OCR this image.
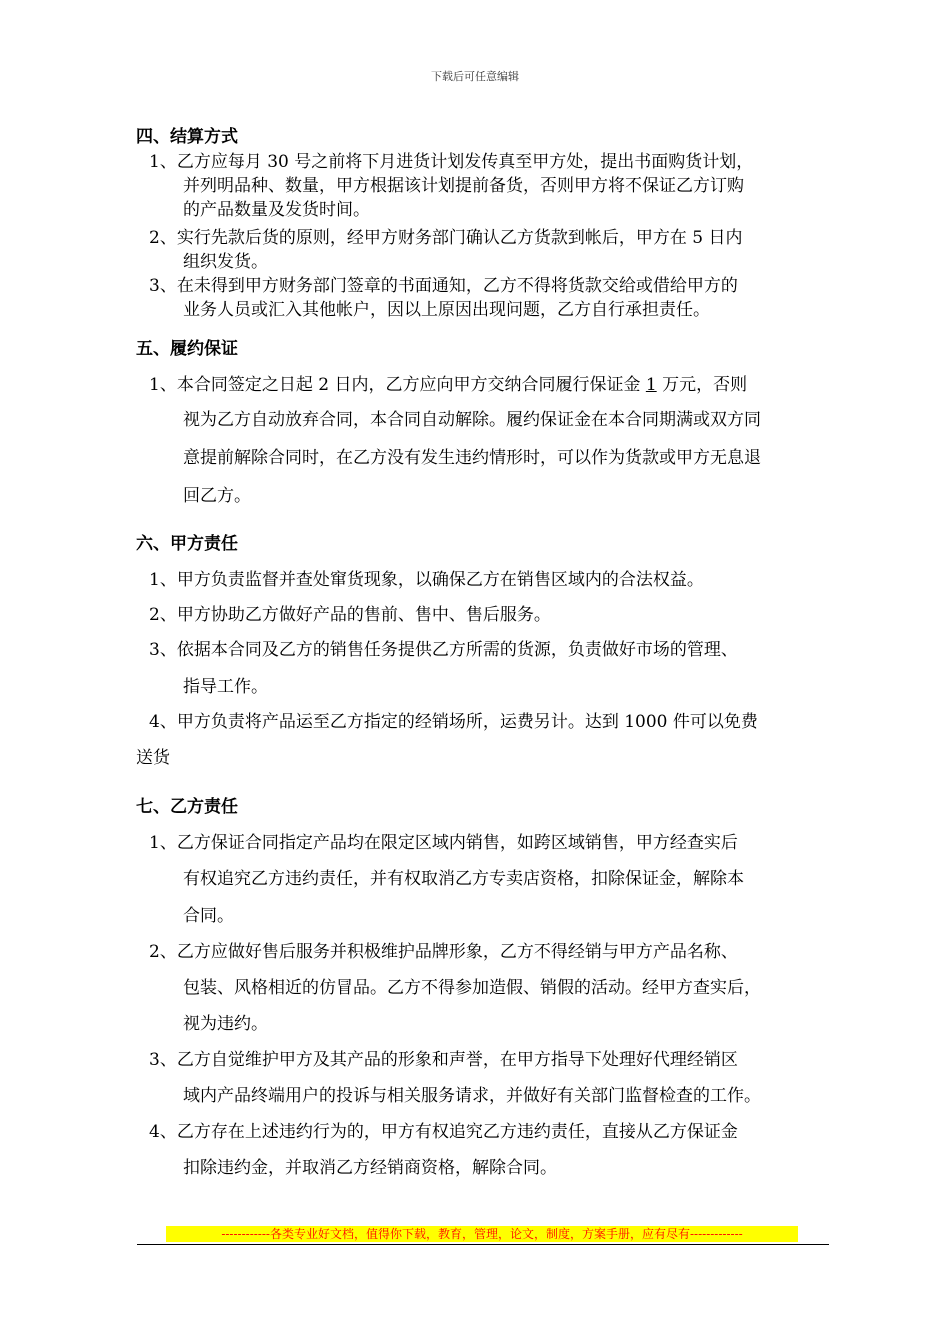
下载后可任意编辑
四、结算方式
1、乙方应每月 30 号之前将下月进货计划发传真至甲方处，提出书面购货计划，
并列明品种、数量，甲方根据该计划提前备货，否则甲方将不保证乙方订购
的产品数量及发货时间。
2、实行先款后货的原则，经甲方财务部门确认乙方货款到帐后，甲方在 5 日内
组织发货。
3、在未得到甲方财务部门签章的书面通知，乙方不得将货款交给或借给甲方的
业务人员或汇入其他帐户，因以上原因出现问题，乙方自行承担责任。
五、履约保证
1、本合同签定之日起 2 日内，乙方应向甲方交纳合同履行保证金 1 万元，否则
视为乙方自动放弃合同，本合同自动解除。履约保证金在本合同期满或双方同
意提前解除合同时，在乙方没有发生违约情形时，可以作为货款或甲方无息退
回乙方。
六、甲方责任
1、甲方负责监督并查处窜货现象，以确保乙方在销售区域内的合法权益。
2、甲方协助乙方做好产品的售前、售中、售后服务。
3、依据本合同及乙方的销售任务提供乙方所需的货源，负责做好市场的管理、
指导工作。
4、甲方负责将产品运至乙方指定的经销场所，运费另计。达到 1000 件可以免费
送货
七、乙方责任
1、乙方保证合同指定产品均在限定区域内销售，如跨区域销售，甲方经查实后
有权追究乙方违约责任，并有权取消乙方专卖店资格，扣除保证金，解除本
合同。
2、乙方应做好售后服务并积极维护品牌形象，乙方不得经销与甲方产品名称、
包装、风格相近的仿冒品。乙方不得参加造假、销假的活动。经甲方查实后，
视为违约。
3、乙方自觉维护甲方及其产品的形象和声誉，在甲方指导下处理好代理经销区
域内产品终端用户的投诉与相关服务请求，并做好有关部门监督检查的工作。
4、乙方存在上述违约行为的，甲方有权追究乙方违约责任，直接从乙方保证金
扣除违约金，并取消乙方经销商资格，解除合同。
------------各类专业好文档，值得你下载，教育，管理，论文，制度，方案手册，应有尽有-------------
